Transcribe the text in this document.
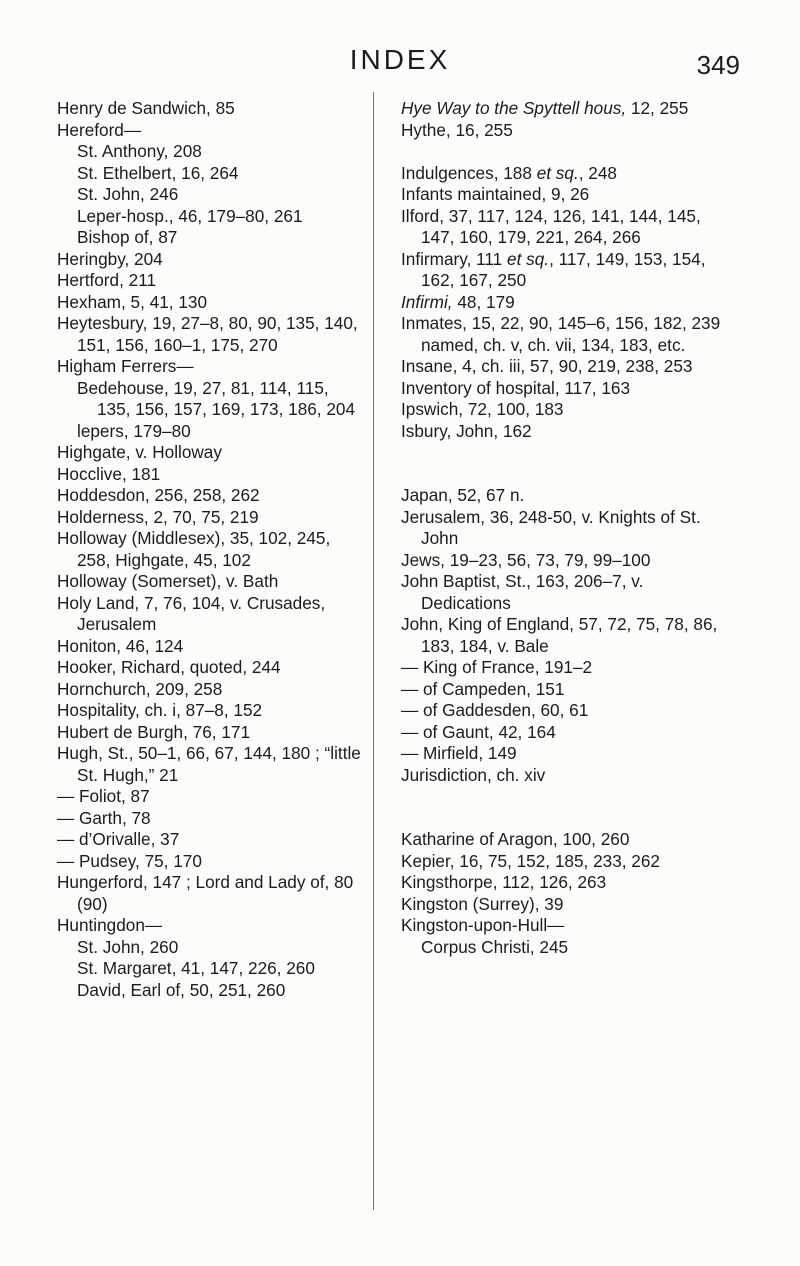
INDEX	349

Henry de Sandwich, 85

Hereford—

St. Anthony, 208

St. Ethelbert, 16, 264

St. John, 246

Leper-hosp., 46, 179–80, 261

Bishop of, 87

Heringby, 204

Hertford, 211

Hexham, 5, 41, 130

Heytesbury, 19, 27–8, 80, 90, 135, 140, 151, 156, 160–1, 175, 270

Higham Ferrers—

Bedehouse, 19, 27, 81, 114, 115, 135, 156, 157, 169, 173, 186, 204

lepers, 179–80

Highgate, v. Holloway

Hocclive, 181

Hoddesdon, 256, 258, 262

Holderness, 2, 70, 75, 219

Holloway (Middlesex), 35, 102, 245, 258, Highgate, 45, 102

Holloway (Somerset), v. Bath

Holy Land, 7, 76, 104, v. Crusades, Jerusalem

Honiton, 46, 124

Hooker, Richard, quoted, 244

Hornchurch, 209, 258

Hospitality, ch. i, 87–8, 152

Hubert de Burgh, 76, 171

Hugh, St., 50–1, 66, 67, 144, 180 ; “little St. Hugh,” 21

— Foliot, 87

— Garth, 78

— d’Orivalle, 37

— Pudsey, 75, 170

Hungerford, 147 ; Lord and Lady of, 80 (90)

Huntingdon—

St. John, 260

St. Margaret, 41, 147, 226, 260

David, Earl of, 50, 251, 260

Hye Way to the Spyttell hous, 12, 255

Hythe, 16, 255

Indulgences, 188 et sq., 248

Infants maintained, 9, 26

Ilford, 37, 117, 124, 126, 141, 144, 145, 147, 160, 179, 221, 264, 266

Infirmary, 111 et sq., 117, 149, 153, 154, 162, 167, 250

Infirmi, 48, 179

Inmates, 15, 22, 90, 145–6, 156, 182, 239

named, ch. v, ch. vii, 134, 183, etc.

Insane, 4, ch. iii, 57, 90, 219, 238, 253

Inventory of hospital, 117, 163

Ipswich, 72, 100, 183

Isbury, John, 162

Japan, 52, 67 n.

Jerusalem, 36, 248-50, v. Knights of St. John

Jews, 19–23, 56, 73, 79, 99–100

John Baptist, St., 163, 206–7, v. Dedications

John, King of England, 57, 72, 75, 78, 86, 183, 184, v. Bale

— King of France, 191–2

— of Campeden, 151

— of Gaddesden, 60, 61

— of Gaunt, 42, 164

— Mirfield, 149

Jurisdiction, ch. xiv

Katharine of Aragon, 100, 260

Kepier, 16, 75, 152, 185, 233, 262

Kingsthorpe, 112, 126, 263

Kingston (Surrey), 39

Kingston-upon-Hull—

Corpus Christi, 245
